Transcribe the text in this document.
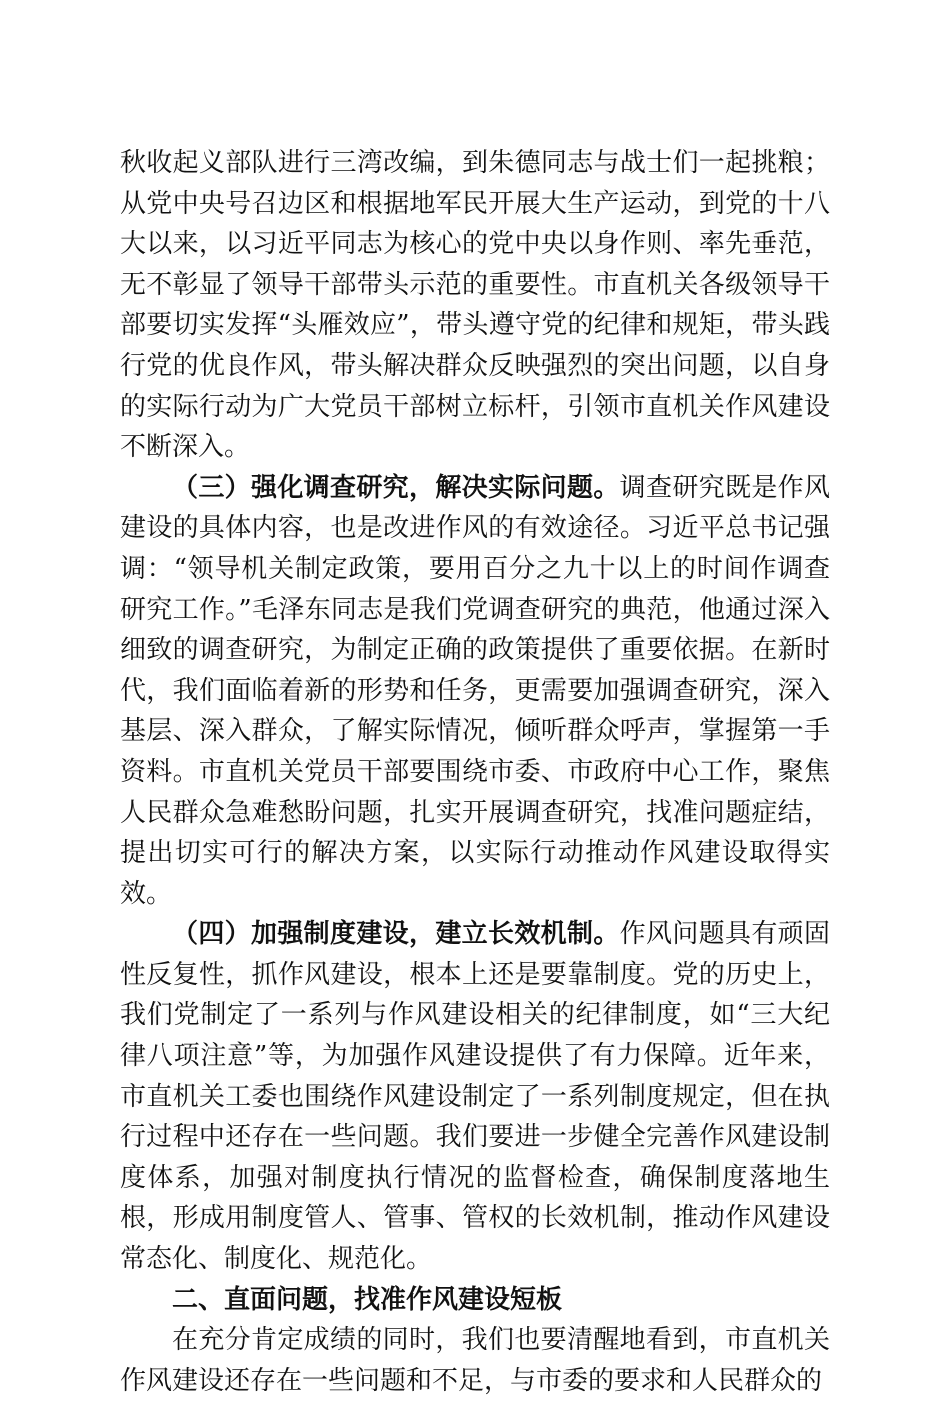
秋收起义部队进行三湾改编，到朱德同志与战士们一起挑粮；从党中央号召边区和根据地军民开展大生产运动，到党的十八大以来，以习近平同志为核心的党中央以身作则、率先垂范，无不彰显了领导干部带头示范的重要性。市直机关各级领导干部要切实发挥“头雁效应”，带头遵守党的纪律和规矩，带头践行党的优良作风，带头解决群众反映强烈的突出问题，以自身的实际行动为广大党员干部树立标杆，引领市直机关作风建设不断深入。

（三）强化调查研究，解决实际问题。调查研究既是作风建设的具体内容，也是改进作风的有效途径。习近平总书记强调：“领导机关制定政策，要用百分之九十以上的时间作调查研究工作。”毛泽东同志是我们党调查研究的典范，他通过深入细致的调查研究，为制定正确的政策提供了重要依据。在新时代，我们面临着新的形势和任务，更需要加强调查研究，深入基层、深入群众，了解实际情况，倾听群众呼声，掌握第一手资料。市直机关党员干部要围绕市委、市政府中心工作，聚焦人民群众急难愁盼问题，扎实开展调查研究，找准问题症结，提出切实可行的解决方案，以实际行动推动作风建设取得实效。

（四）加强制度建设，建立长效机制。作风问题具有顽固性反复性，抓作风建设，根本上还是要靠制度。党的历史上，我们党制定了一系列与作风建设相关的纪律制度，如“三大纪律八项注意”等，为加强作风建设提供了有力保障。近年来，市直机关工委也围绕作风建设制定了一系列制度规定，但在执行过程中还存在一些问题。我们要进一步健全完善作风建设制度体系，加强对制度执行情况的监督检查，确保制度落地生根，形成用制度管人、管事、管权的长效机制，推动作风建设常态化、制度化、规范化。

二、直面问题，找准作风建设短板

在充分肯定成绩的同时，我们也要清醒地看到，市直机关作风建设还存在一些问题和不足，与市委的要求和人民群众的
